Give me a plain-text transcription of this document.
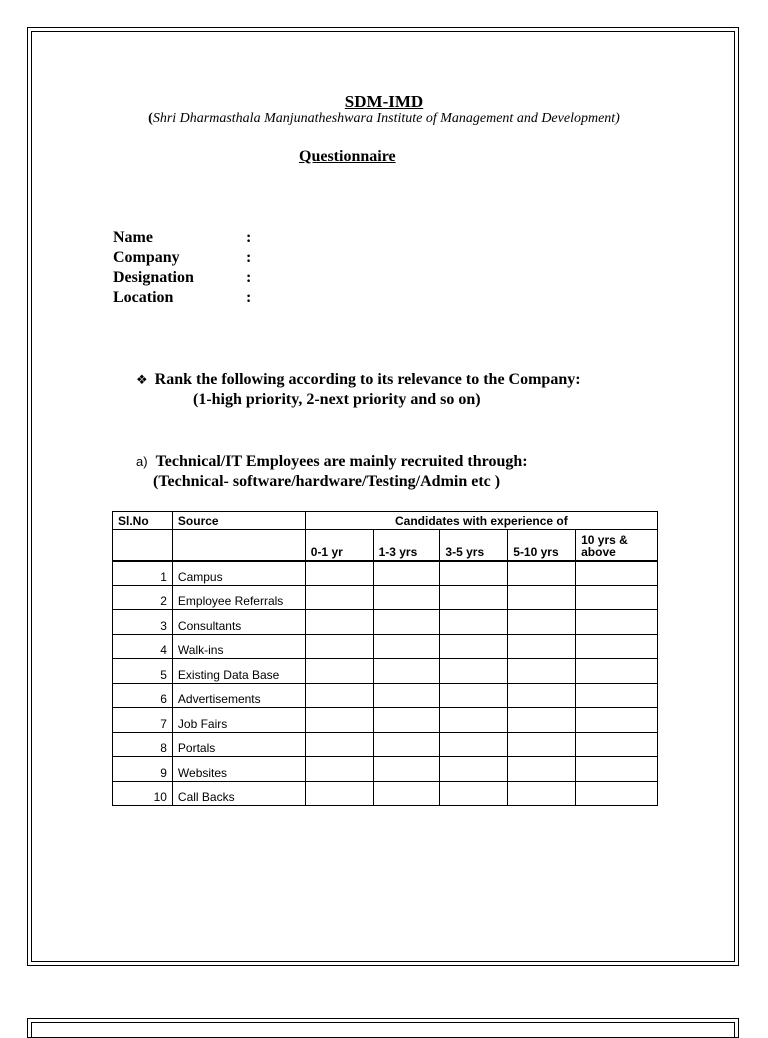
SDM-IMD
(Shri Dharmasthala Manjunatheshwara Institute of Management and Development)
Questionnaire
Name	:
Company	:
Designation	:
Location	:
❖ Rank the following according to its relevance to the Company:
(1-high priority, 2-next priority and so on)
a) Technical/IT Employees are mainly recruited through:
(Technical- software/hardware/Testing/Admin etc )
Sl.No	Source	Candidates with experience of				
		0-1 yr	1-3 yrs	3-5 yrs	5-10 yrs	10 yrs & above
1	Campus					
2	Employee Referrals					
3	Consultants					
4	Walk-ins					
5	Existing Data Base					
6	Advertisements					
7	Job Fairs					
8	Portals					
9	Websites					
10	Call Backs					
